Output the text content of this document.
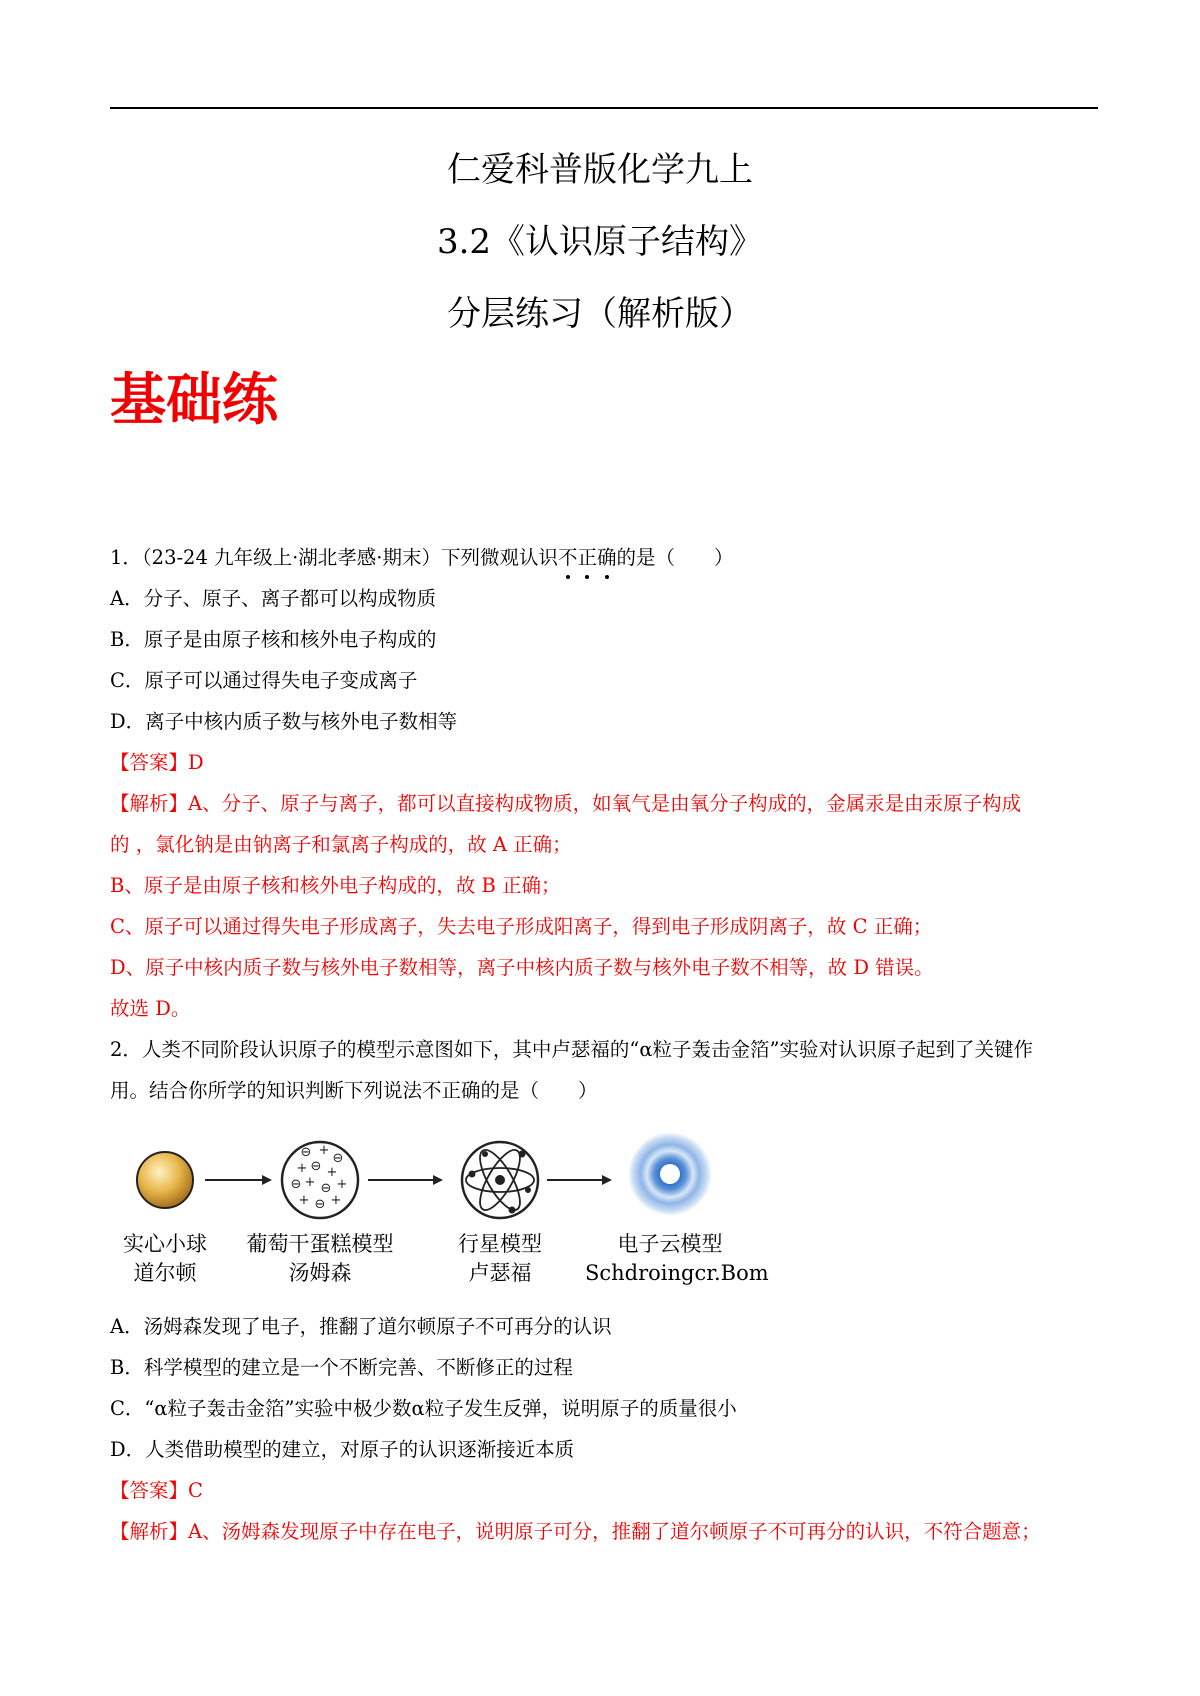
仁爱科普版化学九上
3.2《认识原子结构》
分层练习（解析版）
基础练
1．（23-24 九年级上·湖北孝感·期末）下列微观认识不正确的是（　　）
A．分子、原子、离子都可以构成物质
B．原子是由原子核和核外电子构成的
C．原子可以通过得失电子变成离子
D．离子中核内质子数与核外电子数相等
【答案】D
【解析】A、分子、原子与离子，都可以直接构成物质，如氧气是由氧分子构成的，金属汞是由汞原子构成
的 ，氯化钠是由钠离子和氯离子构成的，故 A 正确；
B、原子是由原子核和核外电子构成的，故 B 正确；
C、原子可以通过得失电子形成离子，失去电子形成阳离子，得到电子形成阴离子，故 C 正确；
D、原子中核内质子数与核外电子数相等，离子中核内质子数与核外电子数不相等，故 D 错误。
故选 D。
2．人类不同阶段认识原子的模型示意图如下，其中卢瑟福的“α粒子轰击金箔”实验对认识原子起到了关键作
用。结合你所学的知识判断下列说法不正确的是（　　）
⊖ +
⊖
+ ⊖ +
⊖ + ⊖ +
+ ⊖ +
实心小球
道尔顿
葡萄干蛋糕模型
汤姆森
行星模型
卢瑟福
电子云模型
Schdroingcr.Bom
A．汤姆森发现了电子，推翻了道尔顿原子不可再分的认识
B．科学模型的建立是一个不断完善、不断修正的过程
C．“α粒子轰击金箔”实验中极少数α粒子发生反弹，说明原子的质量很小
D．人类借助模型的建立，对原子的认识逐渐接近本质
【答案】C
【解析】A、汤姆森发现原子中存在电子，说明原子可分，推翻了道尔顿原子不可再分的认识，不符合题意；
